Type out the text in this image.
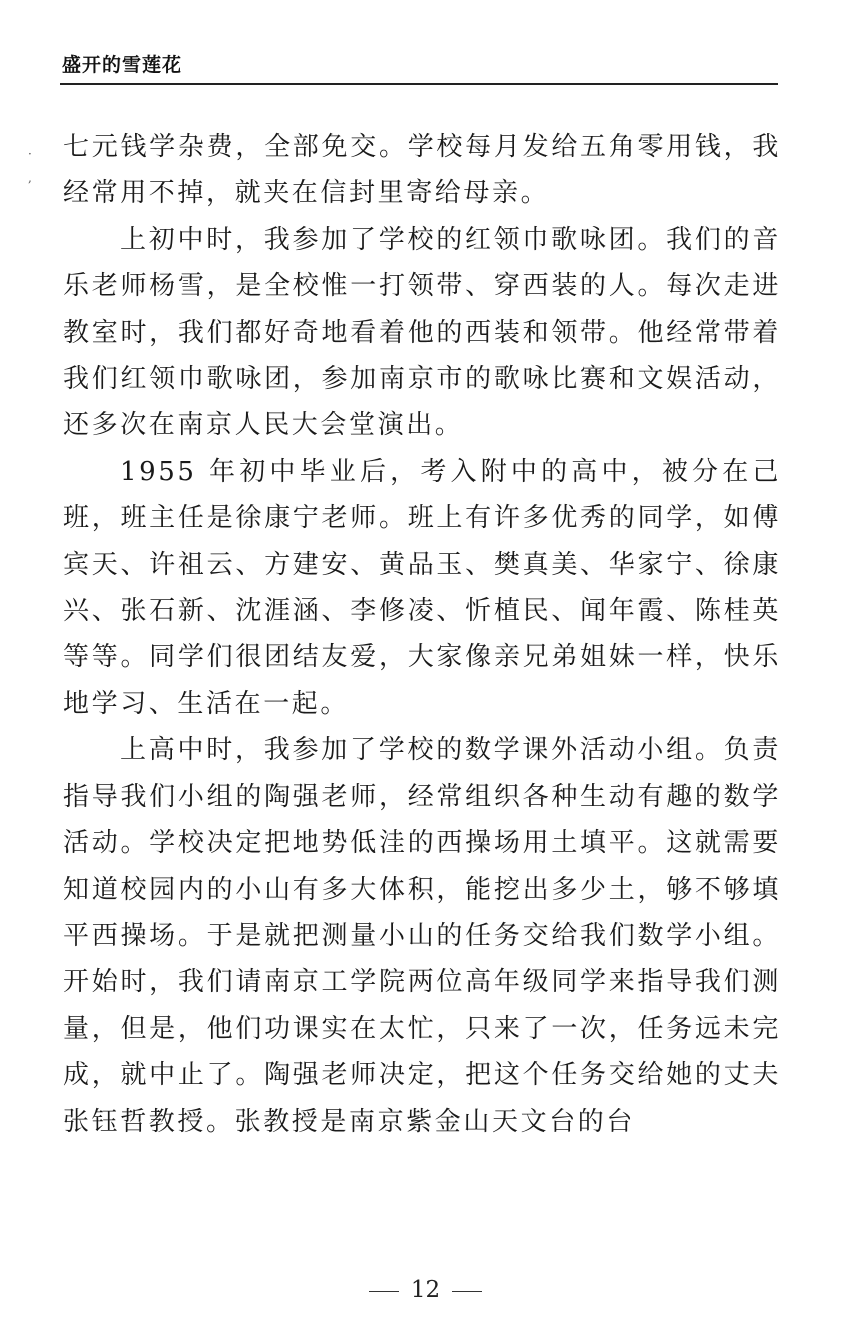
盛开的雪莲花
·
,

七元钱学杂费，全部免交。学校每月发给五角零用钱，我经常用不掉，就夹在信封里寄给母亲。

上初中时，我参加了学校的红领巾歌咏团。我们的音乐老师杨雪，是全校惟一打领带、穿西装的人。每次走进教室时，我们都好奇地看着他的西装和领带。他经常带着我们红领巾歌咏团，参加南京市的歌咏比赛和文娱活动，还多次在南京人民大会堂演出。

1955 年初中毕业后，考入附中的高中，被分在己班，班主任是徐康宁老师。班上有许多优秀的同学，如傅宾天、许祖云、方建安、黄品玉、樊真美、华家宁、徐康兴、张石新、沈涯涵、李修凌、忻植民、闻年霞、陈桂英等等。同学们很团结友爱，大家像亲兄弟姐妹一样，快乐地学习、生活在一起。

上高中时，我参加了学校的数学课外活动小组。负责指导我们小组的陶强老师，经常组织各种生动有趣的数学活动。学校决定把地势低洼的西操场用土填平。这就需要知道校园内的小山有多大体积，能挖出多少土，够不够填平西操场。于是就把测量小山的任务交给我们数学小组。开始时，我们请南京工学院两位高年级同学来指导我们测量，但是，他们功课实在太忙，只来了一次，任务远未完成，就中止了。陶强老师决定，把这个任务交给她的丈夫张钰哲教授。张教授是南京紫金山天文台的台

12
